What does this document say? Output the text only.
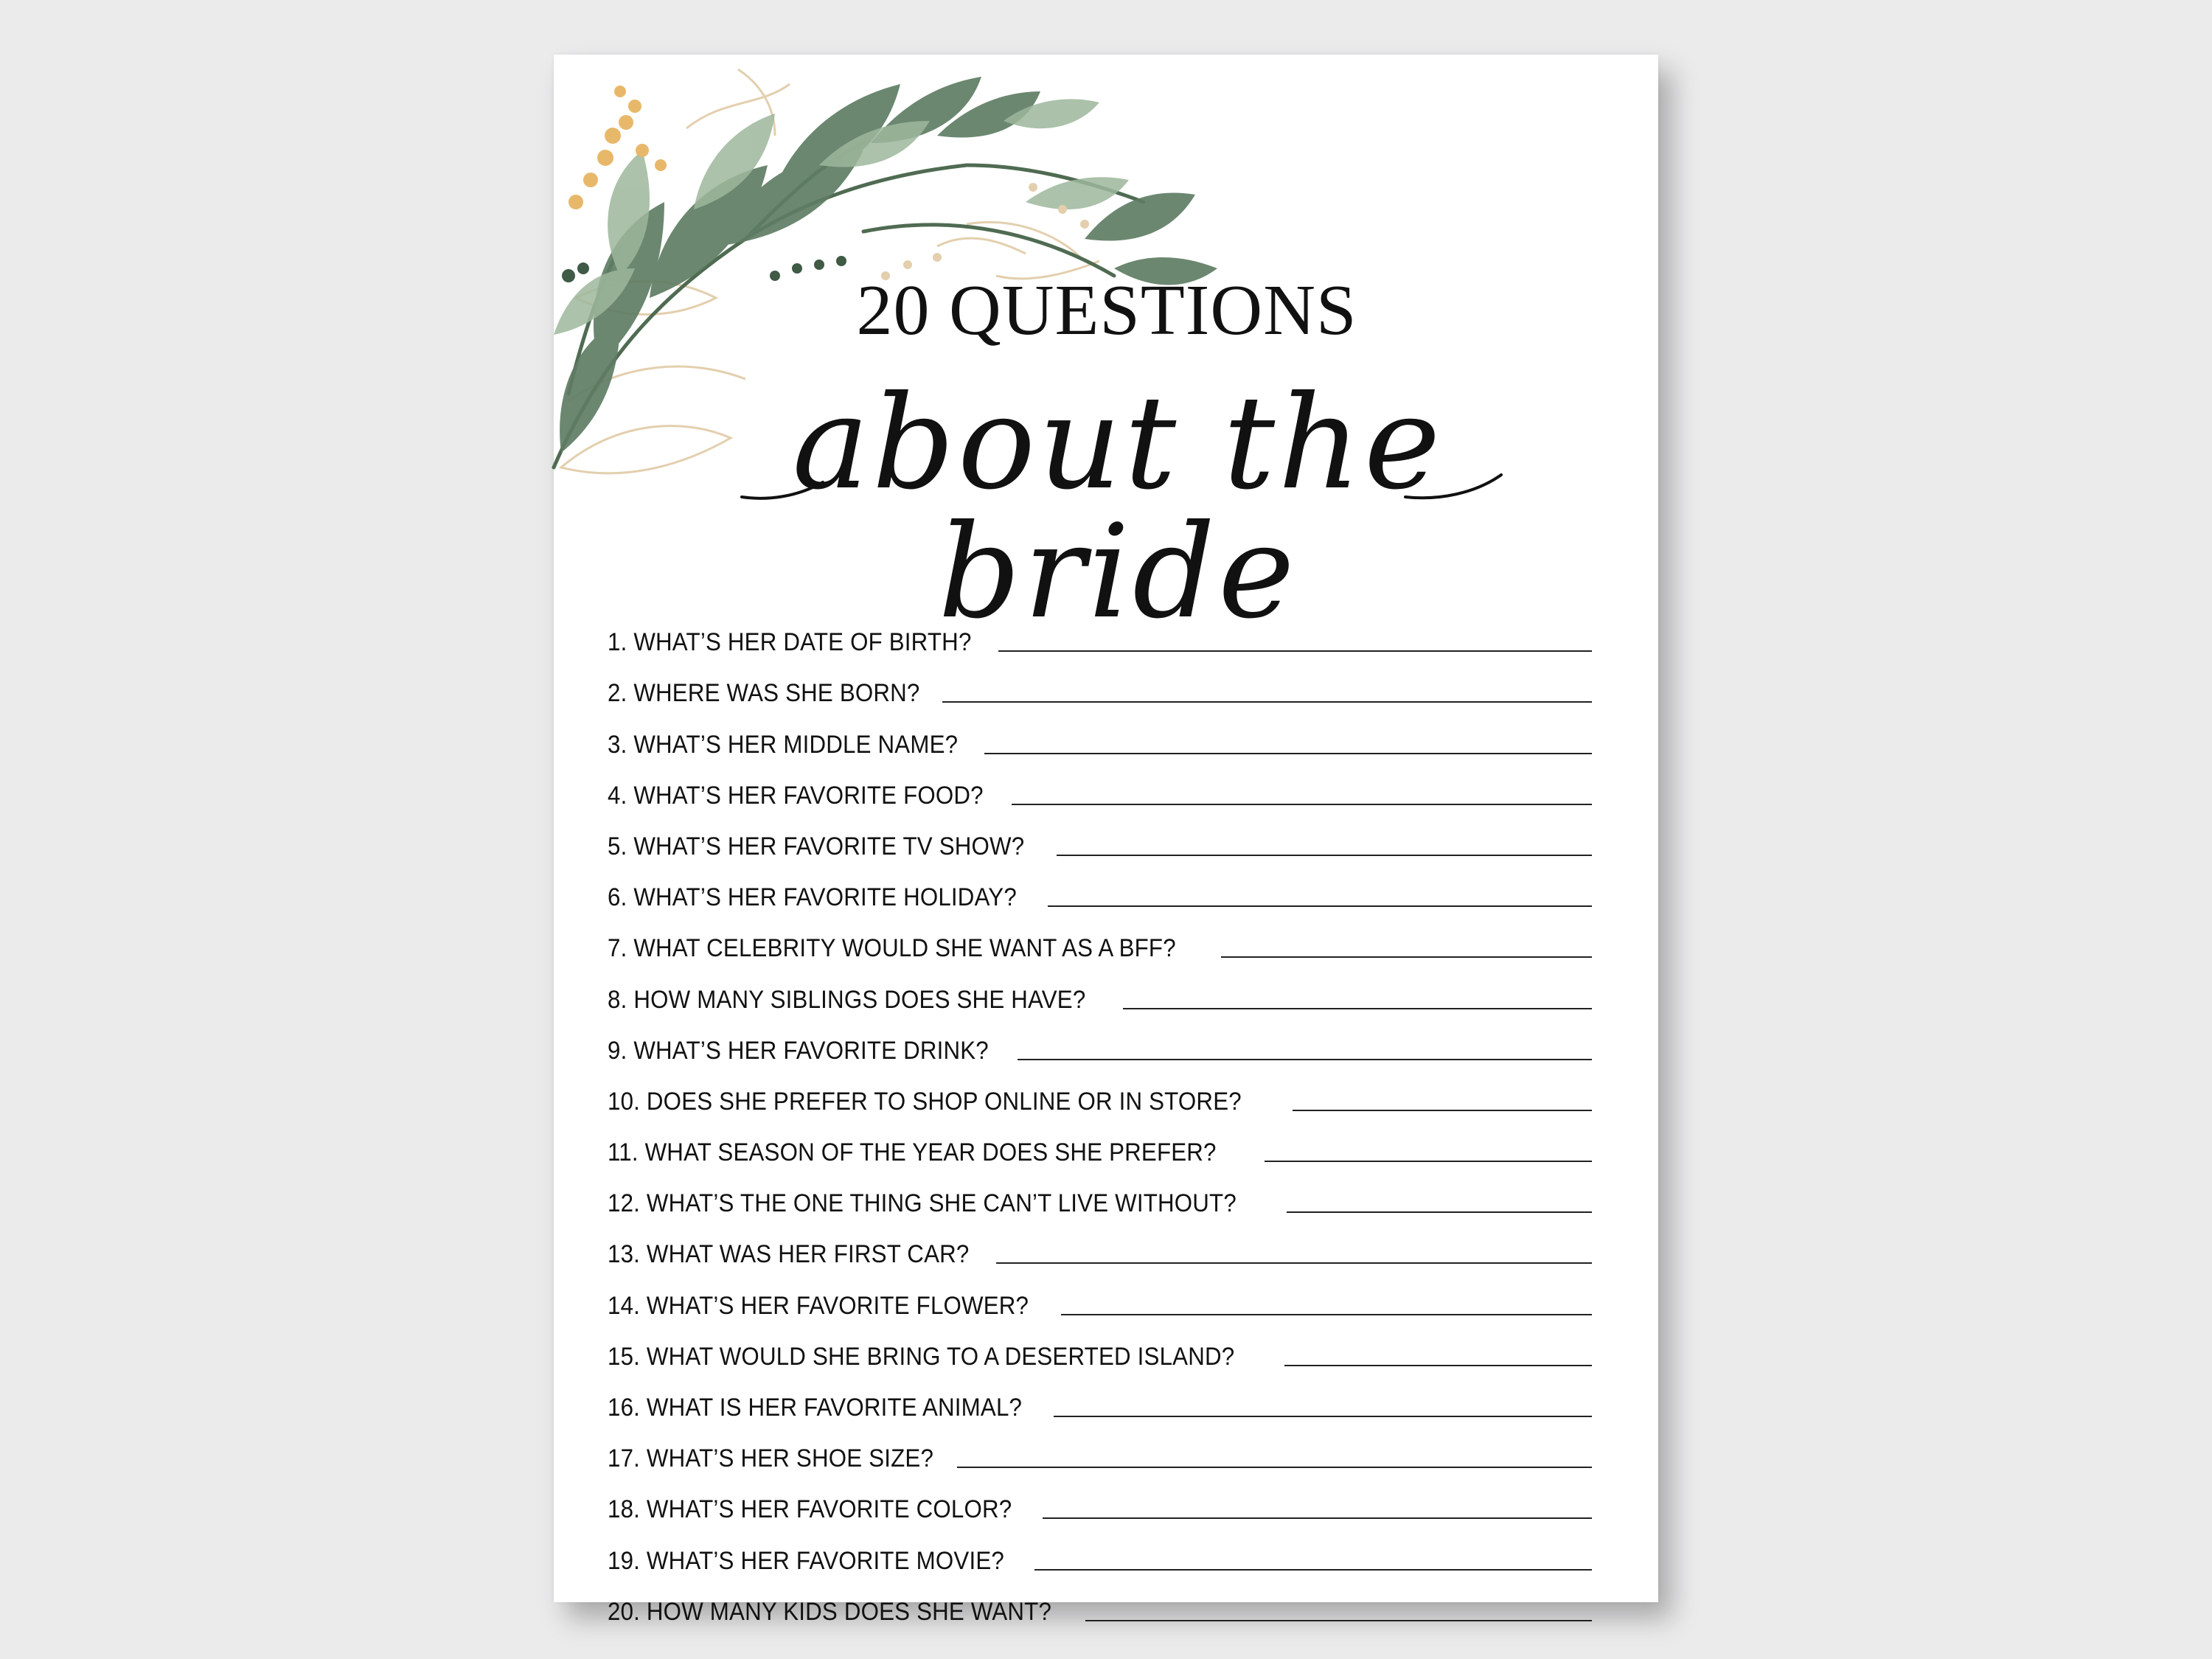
20 QUESTIONS
about the bride
1. WHAT’S HER DATE OF BIRTH?
2. WHERE WAS SHE BORN?
3. WHAT’S HER MIDDLE NAME?
4. WHAT’S HER FAVORITE FOOD?
5. WHAT’S HER FAVORITE TV SHOW?
6. WHAT’S HER FAVORITE HOLIDAY?
7. WHAT CELEBRITY WOULD SHE WANT AS A BFF?
8. HOW MANY SIBLINGS DOES SHE HAVE?
9. WHAT’S HER FAVORITE DRINK?
10. DOES SHE PREFER TO SHOP ONLINE OR IN STORE?
11. WHAT SEASON OF THE YEAR DOES SHE PREFER?
12. WHAT’S THE ONE THING SHE CAN’T LIVE WITHOUT?
13. WHAT WAS HER FIRST CAR?
14. WHAT’S HER FAVORITE FLOWER?
15. WHAT WOULD SHE BRING TO A DESERTED ISLAND?
16. WHAT IS HER FAVORITE ANIMAL?
17. WHAT’S HER SHOE SIZE?
18. WHAT’S HER FAVORITE COLOR?
19. WHAT’S HER FAVORITE MOVIE?
20. HOW MANY KIDS DOES SHE WANT?
